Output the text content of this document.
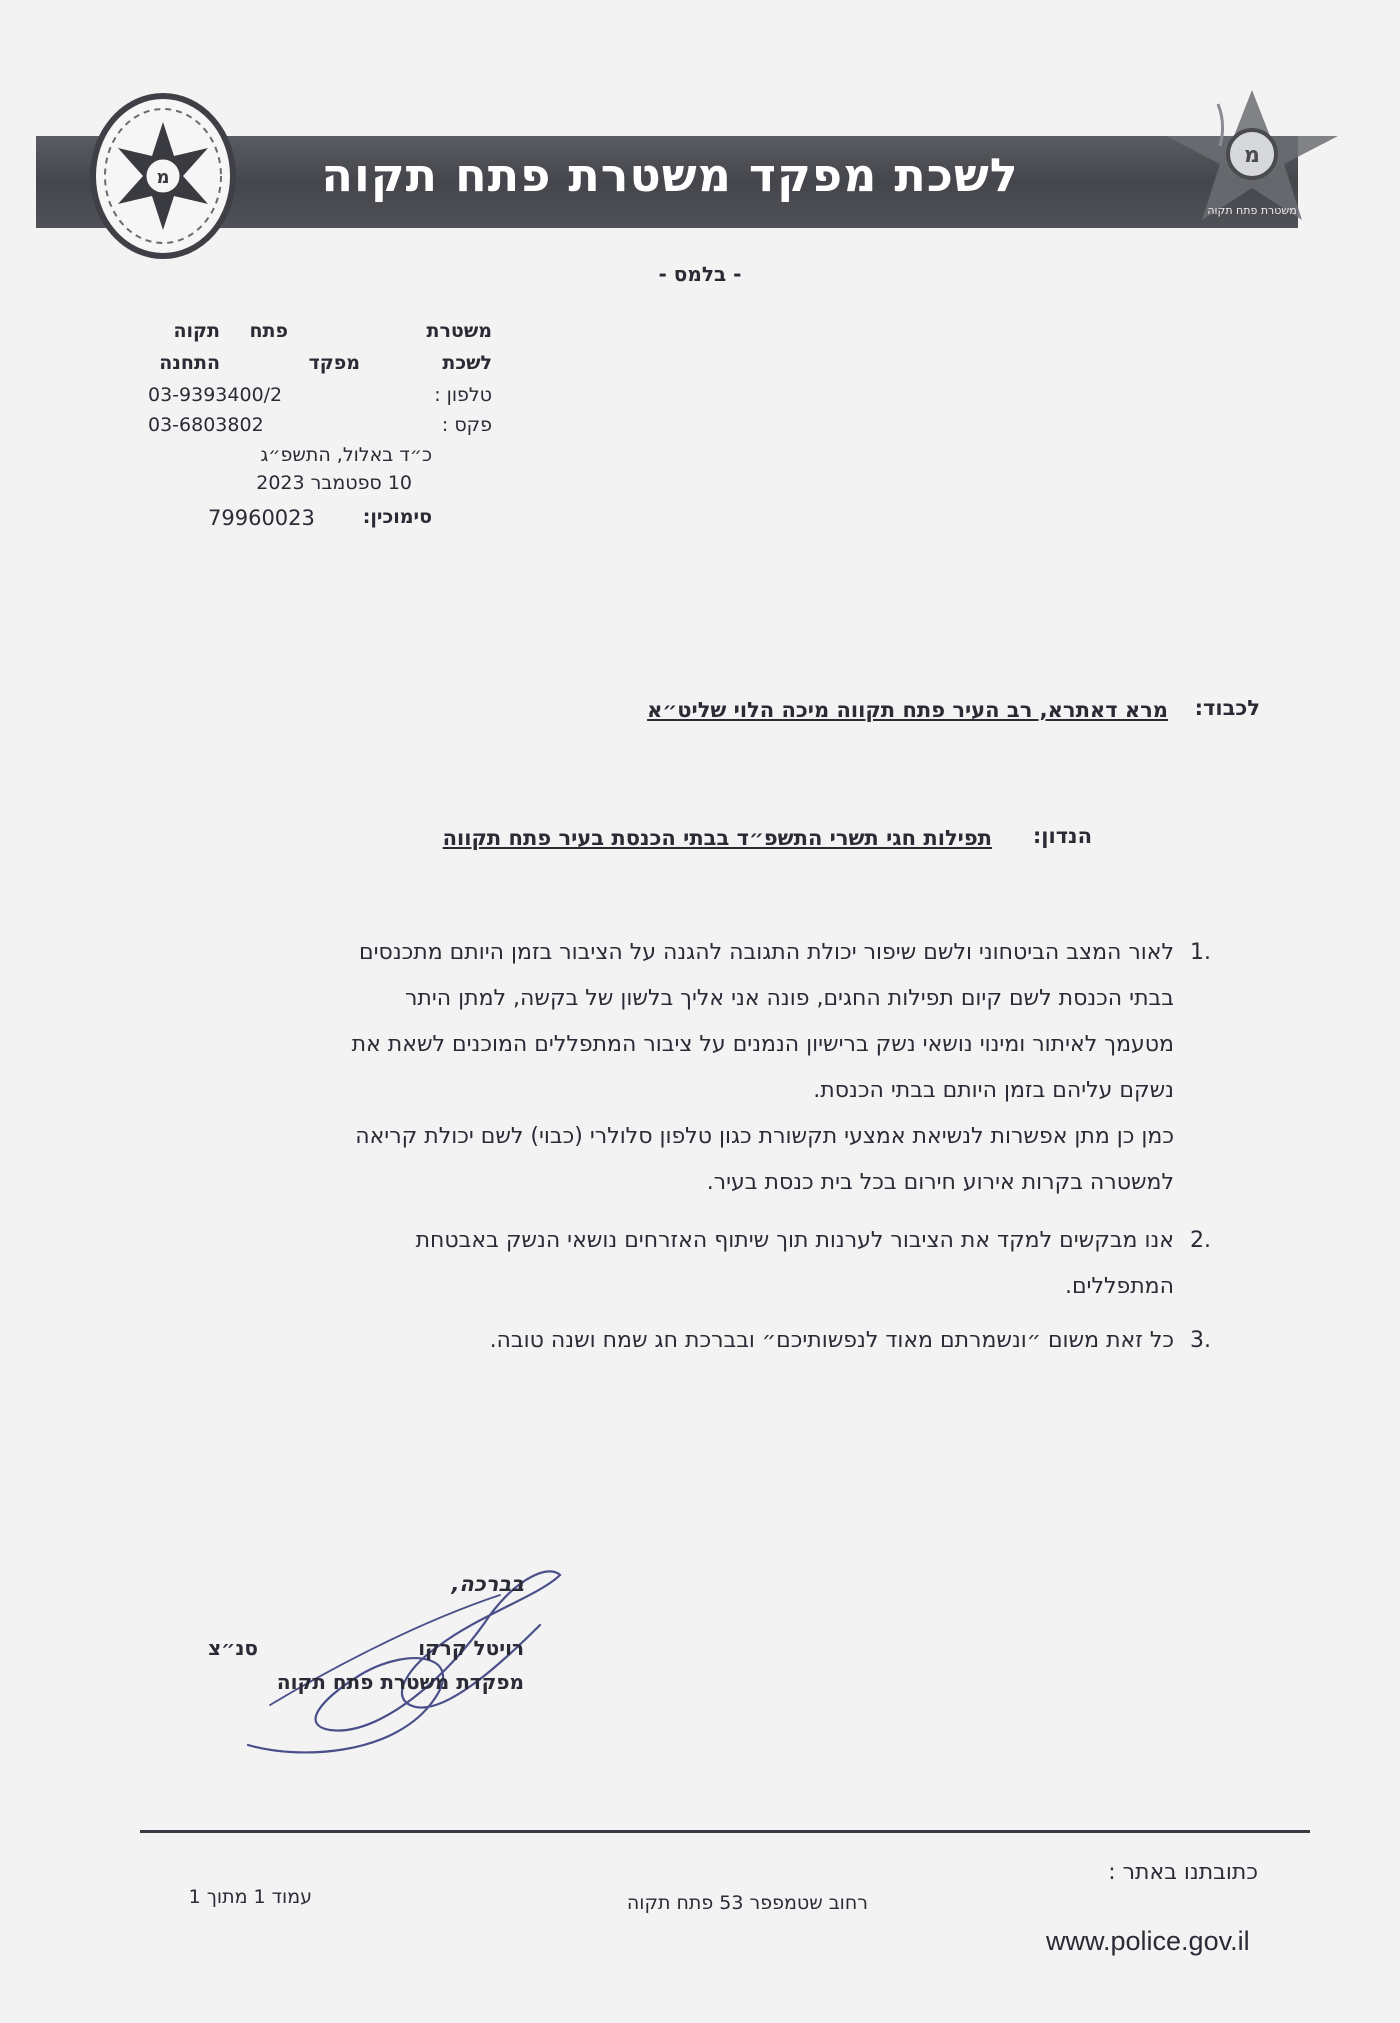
לשכת מפקד משטרת פתח תקוה
מ
מ
משטרת פתח תקוה
- בלמס -
משטרת
פתח
תקוה
לשכת
מפקד
התחנה
טלפון :
03-9393400/2
פקס :
03-6803802
כ״ד באלול, התשפ״ג
10 ספטמבר 2023
סימוכין:
79960023
לכבוד:
מרא דאתרא, רב העיר פתח תקווה מיכה הלוי שליט״א
הנדון:
תפילות חגי תשרי התשפ״ד בבתי הכנסת בעיר פתח תקווה
1.
לאור המצב הביטחוני ולשם שיפור יכולת התגובה להגנה על הציבור בזמן היותם מתכנסים
בבתי הכנסת לשם קיום תפילות החגים, פונה אני אליך בלשון של בקשה, למתן היתר
מטעמך לאיתור ומינוי נושאי נשק ברישיון הנמנים על ציבור המתפללים המוכנים לשאת את
נשקם עליהם בזמן היותם בבתי הכנסת.
כמן כן מתן אפשרות לנשיאת אמצעי תקשורת כגון טלפון סלולרי (כבוי) לשם יכולת קריאה
למשטרה בקרות אירוע חירום בכל בית כנסת בעיר.
2.
אנו מבקשים למקד את הציבור לערנות תוך שיתוף האזרחים נושאי הנשק באבטחת
המתפללים.
3.
כל זאת משום ״ונשמרתם מאוד לנפשותיכם״ ובברכת חג שמח ושנה טובה.
בברכה,
רויטל קרקו
סנ״צ
מפקדת משטרת פתח תקוה
כתובתנו באתר :
www.police.gov.il
רחוב שטמפפר 53 פתח תקוה
עמוד 1 מתוך 1
